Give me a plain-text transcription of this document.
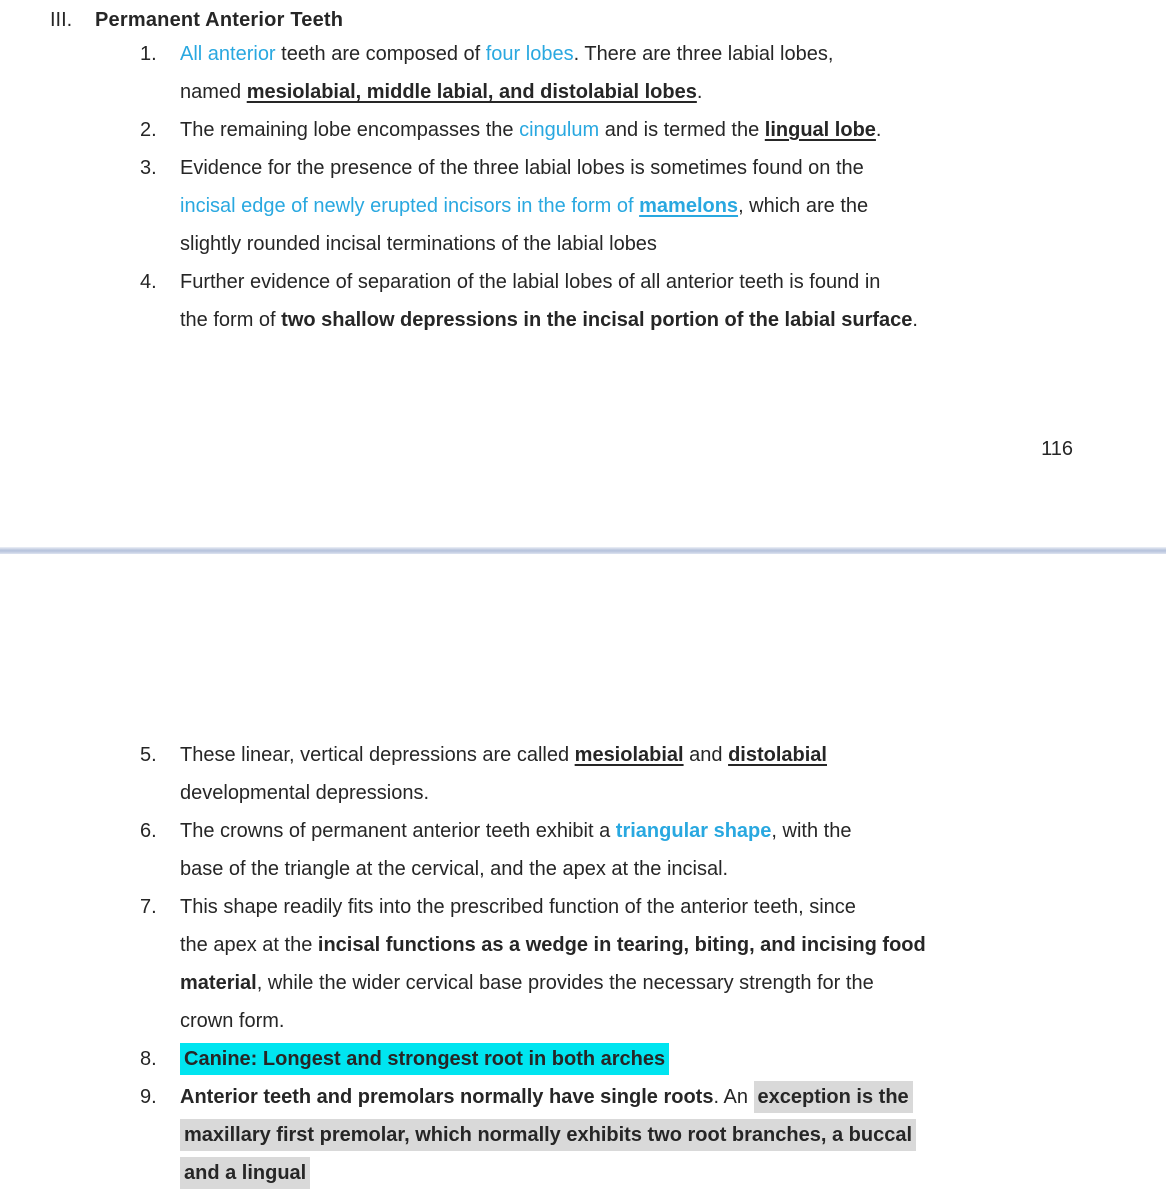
III.	Permanent Anterior Teeth
1.	All anterior teeth are composed of four lobes. There are three labial lobes,
named mesiolabial, middle labial, and distolabial lobes.
2.	The remaining lobe encompasses the cingulum and is termed the lingual lobe.
3.	Evidence for the presence of the three labial lobes is sometimes found on the
incisal edge of newly erupted incisors in the form of mamelons, which are the
slightly rounded incisal terminations of the labial lobes
4.	Further evidence of separation of the labial lobes of all anterior teeth is found in
the form of two shallow depressions in the incisal portion of the labial surface.
116
5.	These linear, vertical depressions are called mesiolabial and distolabial
developmental depressions.
6.	The crowns of permanent anterior teeth exhibit a triangular shape, with the
base of the triangle at the cervical, and the apex at the incisal.
7.	This shape readily fits into the prescribed function of the anterior teeth, since
the apex at the incisal functions as a wedge in tearing, biting, and incising food
material, while the wider cervical base provides the necessary strength for the
crown form.
8.	Canine: Longest and strongest root in both arches
9.	Anterior teeth and premolars normally have single roots. An exception is the
maxillary first premolar, which normally exhibits two root branches, a buccal
and a lingual
